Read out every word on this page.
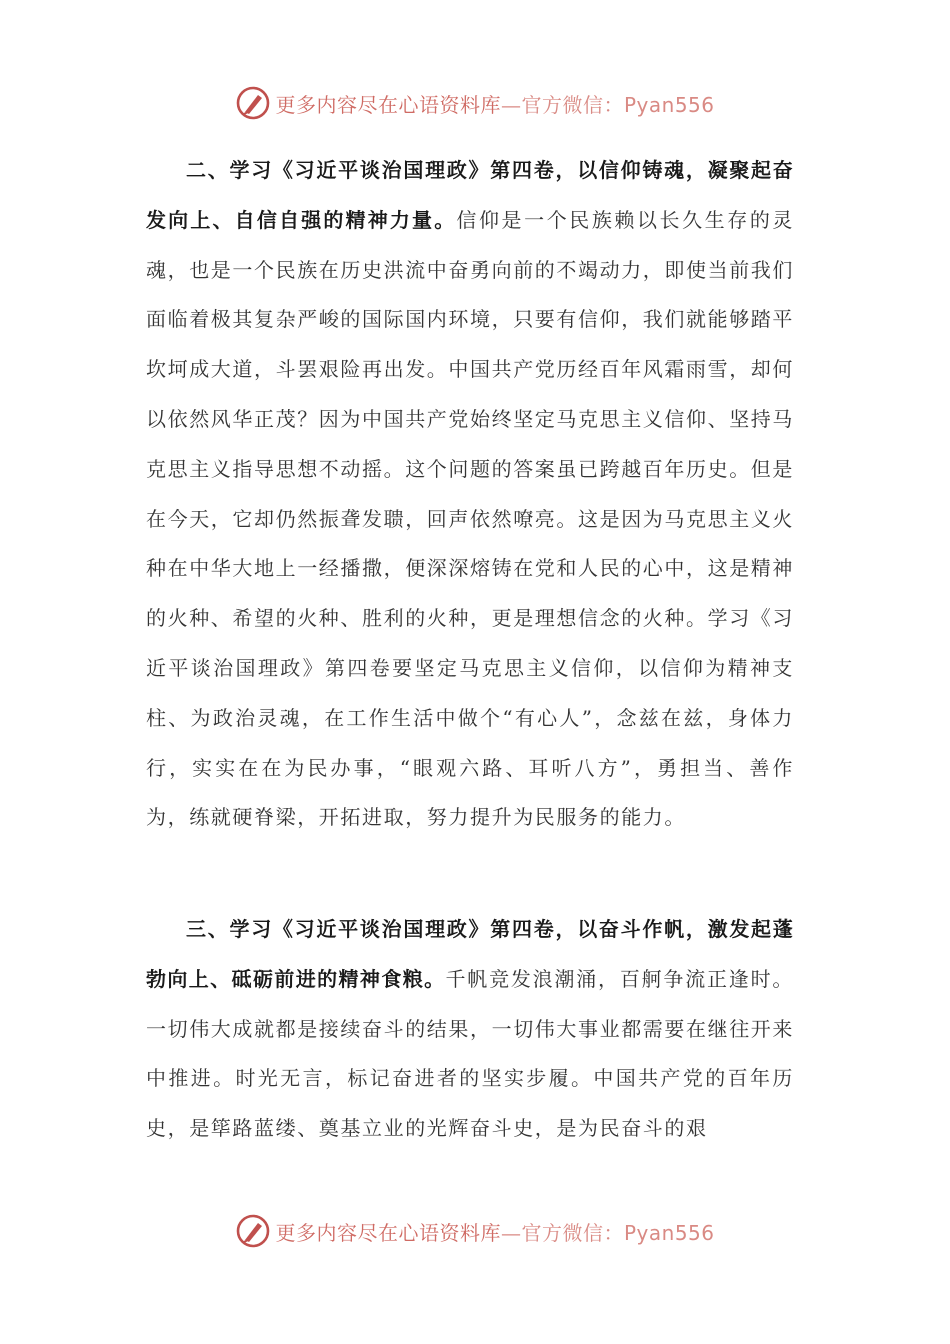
更多内容尽在心语资料库—官方微信：Pyan556

二、学习《习近平谈治国理政》第四卷，以信仰铸魂，凝聚起奋发向上、自信自强的精神力量。信仰是一个民族赖以长久生存的灵魂，也是一个民族在历史洪流中奋勇向前的不竭动力，即使当前我们面临着极其复杂严峻的国际国内环境，只要有信仰，我们就能够踏平坎坷成大道，斗罢艰险再出发。中国共产党历经百年风霜雨雪，却何以依然风华正茂？因为中国共产党始终坚定马克思主义信仰、坚持马克思主义指导思想不动摇。这个问题的答案虽已跨越百年历史。但是在今天，它却仍然振聋发聩，回声依然嘹亮。这是因为马克思主义火种在中华大地上一经播撒，便深深熔铸在党和人民的心中，这是精神的火种、希望的火种、胜利的火种，更是理想信念的火种。学习《习近平谈治国理政》第四卷要坚定马克思主义信仰，以信仰为精神支柱、为政治灵魂，在工作生活中做个“有心人”，念兹在兹，身体力行，实实在在为民办事，“眼观六路、耳听八方”，勇担当、善作为，练就硬脊梁，开拓进取，努力提升为民服务的能力。

三、学习《习近平谈治国理政》第四卷，以奋斗作帆，激发起蓬勃向上、砥砺前进的精神食粮。千帆竞发浪潮涌，百舸争流正逢时。一切伟大成就都是接续奋斗的结果，一切伟大事业都需要在继往开来中推进。时光无言，标记奋进者的坚实步履。中国共产党的百年历史，是筚路蓝缕、奠基立业的光辉奋斗史，是为民奋斗的艰

更多内容尽在心语资料库—官方微信：Pyan556
